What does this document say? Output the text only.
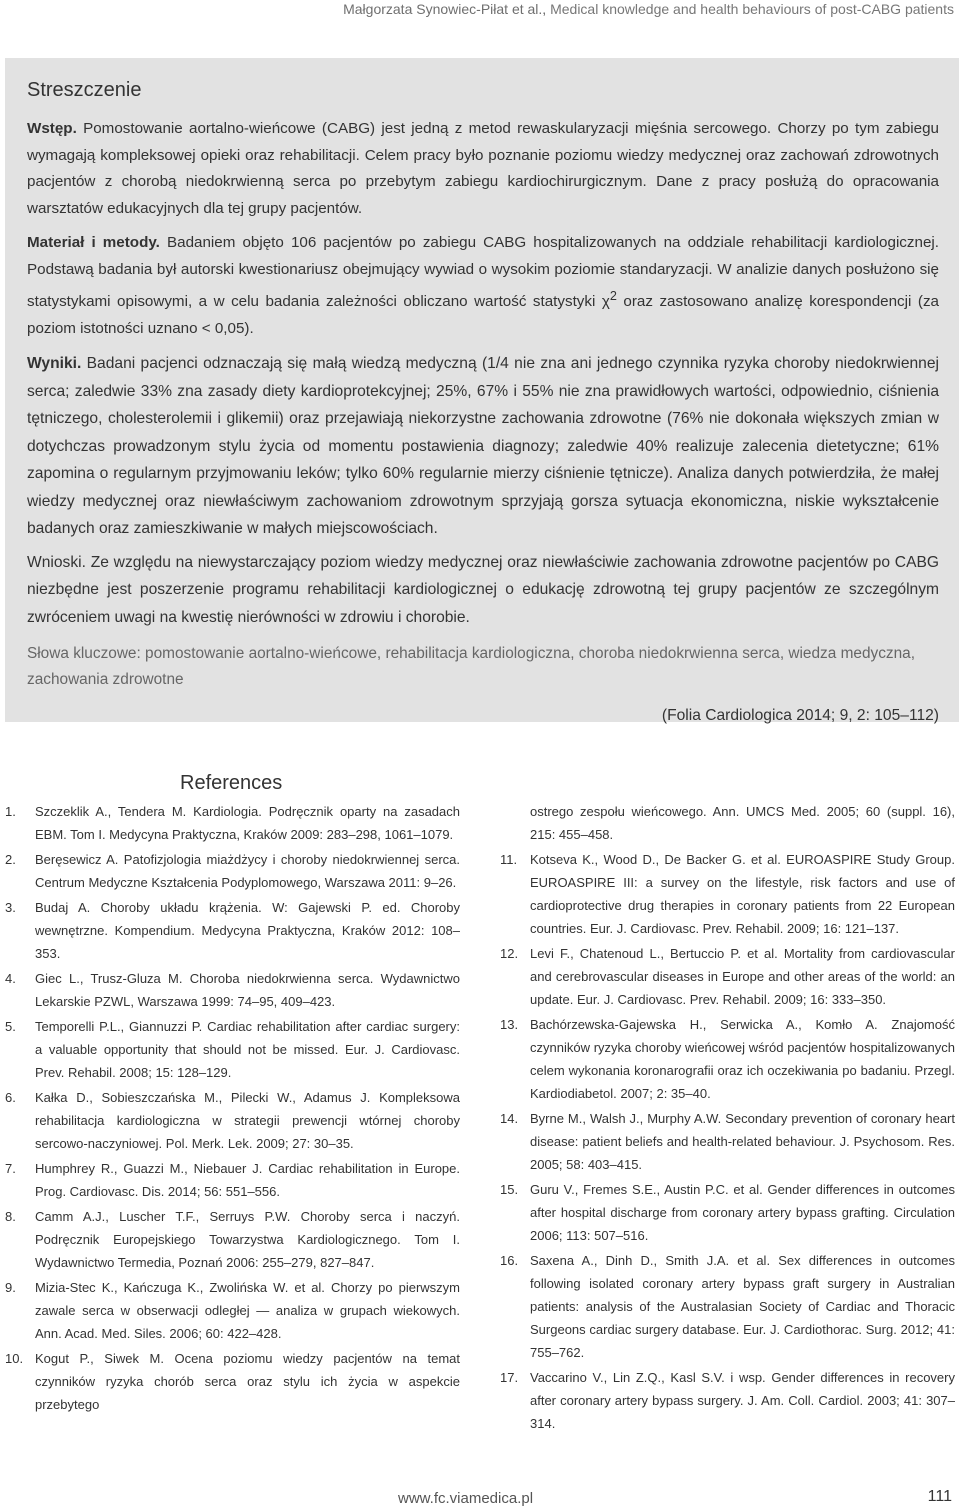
Małgorzata Synowiec-Piłat et al., Medical knowledge and health behaviours of post-CABG patients
Streszczenie

Wstęp. Pomostowanie aortalno-wieńcowe (CABG) jest jedną z metod rewaskularyzacji mięśnia sercowego. Chorzy po tym zabiegu wymagają kompleksowej opieki oraz rehabilitacji. Celem pracy było poznanie poziomu wiedzy medycznej oraz zachowań zdrowotnych pacjentów z chorobą niedokrwienną serca po przebytym zabiegu kardiochirurgicznym. Dane z pracy posłużą do opracowania warsztatów edukacyjnych dla tej grupy pacjentów.

Materiał i metody. Badaniem objęto 106 pacjentów po zabiegu CABG hospitalizowanych na oddziale rehabilitacji kardiologicznej. Podstawą badania był autorski kwestionariusz obejmujący wywiad o wysokim poziomie standaryzacji. W analizie danych posłużono się statystykami opisowymi, a w celu badania zależności obliczano wartość statystyki $\chi^2$ oraz zastosowano analizę korespondencji (za poziom istotności uznano < 0,05).

Wyniki. Badani pacjenci odznaczają się małą wiedzą medyczną (1/4 nie zna ani jednego czynnika ryzyka choroby niedokrwiennej serca; zaledwie 33% zna zasady diety kardioprotekcyjnej; 25%, 67% i 55% nie zna prawidłowych wartości, odpowiednio, ciśnienia tętniczego, cholesterolemii i glikemii) oraz przejawiają niekorzystne zachowania zdrowotne (76% nie dokonała większych zmian w dotychczas prowadzonym stylu życia od momentu postawienia diagnozy; zaledwie 40% realizuje zalecenia dietetyczne; 61% zapomina o regularnym przyjmowaniu leków; tylko 60% regularnie mierzy ciśnienie tętnicze). Analiza danych potwierdziła, że małej wiedzy medycznej oraz niewłaściwym zachowaniom zdrowotnym sprzyjają gorsza sytuacja ekonomiczna, niskie wykształcenie badanych oraz zamieszkiwanie w małych miejscowościach.

Wnioski. Ze względu na niewystarczający poziom wiedzy medycznej oraz niewłaściwie zachowania zdrowotne pacjentów po CABG niezbędne jest poszerzenie programu rehabilitacji kardiologicznej o edukację zdrowotną tej grupy pacjentów ze szczególnym zwróceniem uwagi na kwestię nierówności w zdrowiu i chorobie.

Słowa kluczowe: pomostowanie aortalno-wieńcowe, rehabilitacja kardiologiczna, choroba niedokrwienna serca, wiedza medyczna, zachowania zdrowotne

(Folia Cardiologica 2014; 9, 2: 105–112)

References
1. Szczeklik A., Tendera M. Kardiologia. Podręcznik oparty na zasadach EBM. Tom I. Medycyna Praktyczna, Kraków 2009: 283–298, 1061–1079.
2. Beręsewicz A. Patofizjologia miażdżycy i choroby niedokrwiennej serca. Centrum Medyczne Kształcenia Podyplomowego, Warszawa 2011: 9–26.
3. Budaj A. Choroby układu krążenia. W: Gajewski P. ed. Choroby wewnętrzne. Kompendium. Medycyna Praktyczna, Kraków 2012: 108–353.
4. Giec L., Trusz-Gluza M. Choroba niedokrwienna serca. Wydawnictwo Lekarskie PZWL, Warszawa 1999: 74–95, 409–423.
5. Temporelli P.L., Giannuzzi P. Cardiac rehabilitation after cardiac surgery: a valuable opportunity that should not be missed. Eur. J. Cardiovasc. Prev. Rehabil. 2008; 15: 128–129.
6. Kałka D., Sobieszczańska M., Pilecki W., Adamus J. Kompleksowa rehabilitacja kardiologiczna w strategii prewencji wtórnej choroby sercowo-naczyniowej. Pol. Merk. Lek. 2009; 27: 30–35.
7. Humphrey R., Guazzi M., Niebauer J. Cardiac rehabilitation in Europe. Prog. Cardiovasc. Dis. 2014; 56: 551–556.
8. Camm A.J., Luscher T.F., Serruys P.W. Choroby serca i naczyń. Podręcznik Europejskiego Towarzystwa Kardiologicznego. Tom I. Wydawnictwo Termedia, Poznań 2006: 255–279, 827–847.
9. Mizia-Stec K., Kańczuga K., Zwolińska W. et al. Chorzy po pierwszym zawale serca w obserwacji odległej — analiza w grupach wiekowych. Ann. Acad. Med. Siles. 2006; 60: 422–428.
10. Kogut P., Siwek M. Ocena poziomu wiedzy pacjentów na temat czynników ryzyka chorób serca oraz stylu ich życia w aspekcie przebytego
ostrego zespołu wieńcowego. Ann. UMCS Med. 2005; 60 (suppl. 16), 215: 455–458.
11. Kotseva K., Wood D., De Backer G. et al. EUROASPIRE Study Group. EUROASPIRE III: a survey on the lifestyle, risk factors and use of cardioprotective drug therapies in coronary patients from 22 European countries. Eur. J. Cardiovasc. Prev. Rehabil. 2009; 16: 121–137.
12. Levi F., Chatenoud L., Bertuccio P. et al. Mortality from cardiovascular and cerebrovascular diseases in Europe and other areas of the world: an update. Eur. J. Cardiovasc. Prev. Rehabil. 2009; 16: 333–350.
13. Bachórzewska-Gajewska H., Serwicka A., Komło A. Znajomość czynników ryzyka choroby wieńcowej wśród pacjentów hospitalizowanych celem wykonania koronarografii oraz ich oczekiwania po badaniu. Przegl. Kardiodiabetol. 2007; 2: 35–40.
14. Byrne M., Walsh J., Murphy A.W. Secondary prevention of coronary heart disease: patient beliefs and health-related behaviour. J. Psychosom. Res. 2005; 58: 403–415.
15. Guru V., Fremes S.E., Austin P.C. et al. Gender differences in outcomes after hospital discharge from coronary artery bypass grafting. Circulation 2006; 113: 507–516.
16. Saxena A., Dinh D., Smith J.A. et al. Sex differences in outcomes following isolated coronary artery bypass graft surgery in Australian patients: analysis of the Australasian Society of Cardiac and Thoracic Surgeons cardiac surgery database. Eur. J. Cardiothorac. Surg. 2012; 41: 755–762.
17. Vaccarino V., Lin Z.Q., Kasl S.V. i wsp. Gender differences in recovery after coronary artery bypass surgery. J. Am. Coll. Cardiol. 2003; 41: 307–314.
www.fc.viamedica.pl	111
